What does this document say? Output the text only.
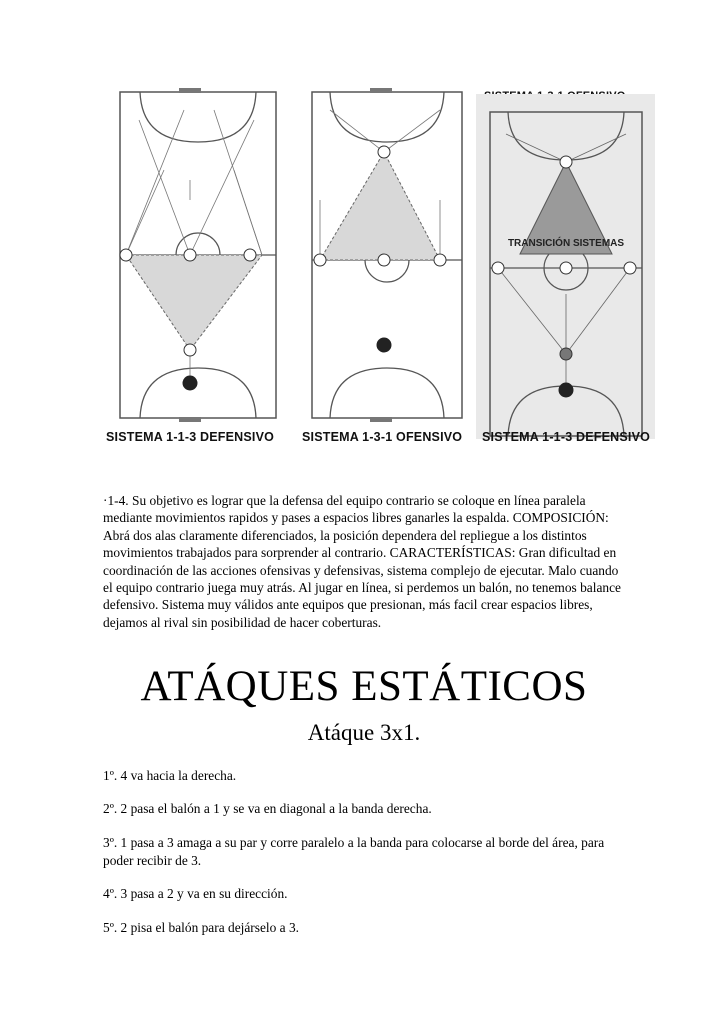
SISTEMA 1-1-3 DEFENSIVO SISTEMA 1-3-1 OFENSIVO
TRANSICIÓN SISTEMAS
SISTEMA 1-1-3 DEFENSIVO
·1-4. Su objetivo es lograr que la defensa del equipo contrario se coloque en línea paralela mediante movimientos rapidos y pases a espacios libres ganarles la espalda. COMPOSICIÓN: Abrá dos alas claramente diferenciados, la posición dependera del repliegue a los distintos movimientos trabajados para sorprender al contrario. CARACTERÍSTICAS: Gran dificultad en coordinación de las acciones ofensivas y defensivas, sistema complejo de ejecutar. Malo cuando el equipo contrario juega muy atrás. Al jugar en línea, si perdemos un balón, no tenemos balance defensivo. Sistema muy válidos ante equipos que presionan, más facil crear espacios libres, dejamos al rival sin posibilidad de hacer coberturas.
ATÁQUES ESTÁTICOS
Atáque 3x1.
1º. 4 va hacia la derecha.
2º. 2 pasa el balón a 1 y se va en diagonal a la banda derecha.
3º. 1 pasa a 3 amaga a su par y corre paralelo a la banda para colocarse al borde del área, para poder recibir de 3.
4º. 3 pasa a 2 y va en su dirección.
5º. 2 pisa el balón para dejárselo a 3.
